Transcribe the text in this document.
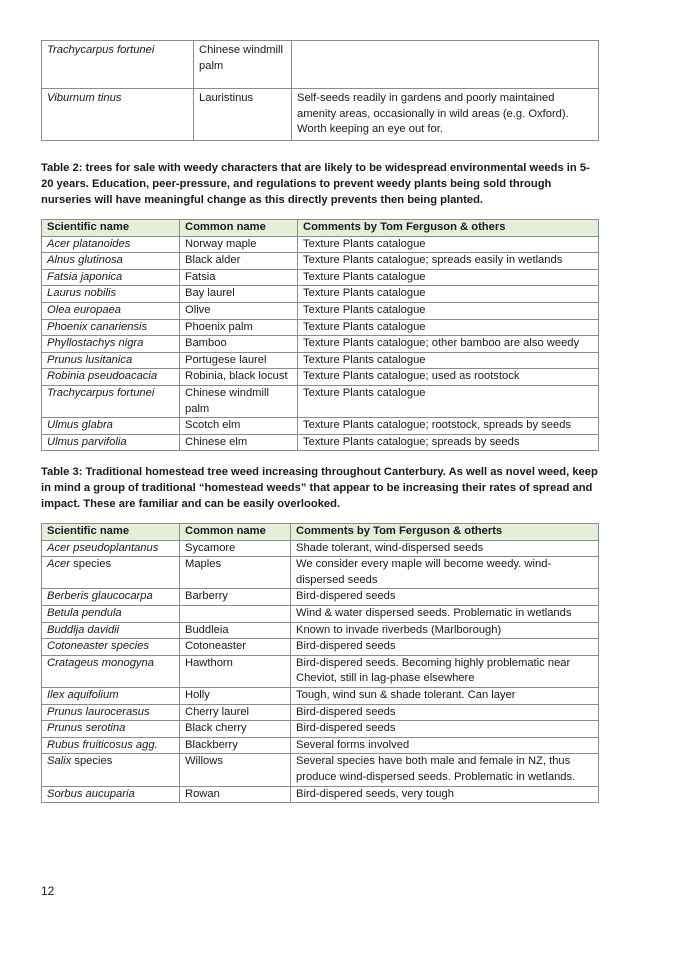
Trachycarpus fortunei	Chinese windmill palm	
Viburnum tinus	Lauristinus	Self-seeds readily in gardens and poorly maintained amenity areas, occasionally in wild areas (e.g. Oxford). Worth keeping an eye out for.
Table 2: trees for sale with weedy characters that are likely to be widespread environmental weeds in 5-20 years. Education, peer-pressure, and regulations to prevent weedy plants being sold through nurseries will have meaningful change as this directly prevents then being planted.
Scientific name	Common name	Comments by Tom Ferguson & others
Acer platanoides	Norway maple	Texture Plants catalogue
Alnus glutinosa	Black alder	Texture Plants catalogue; spreads easily in wetlands
Fatsia japonica	Fatsia	Texture Plants catalogue
Laurus nobilis	Bay laurel	Texture Plants catalogue
Olea europaea	Olive	Texture Plants catalogue
Phoenix canariensis	Phoenix palm	Texture Plants catalogue
Phyllostachys nigra	Bamboo	Texture Plants catalogue; other bamboo are also weedy
Prunus lusitanica	Portugese laurel	Texture Plants catalogue
Robinia pseudoacacia	Robinia, black locust	Texture Plants catalogue; used as rootstock
Trachycarpus fortunei	Chinese windmill palm	Texture Plants catalogue
Ulmus glabra	Scotch elm	Texture Plants catalogue; rootstock, spreads by seeds
Ulmus parvifolia	Chinese elm	Texture Plants catalogue; spreads by seeds
Table 3: Traditional homestead tree weed increasing throughout Canterbury. As well as novel weed, keep in mind a group of traditional “homestead weeds” that appear to be increasing their rates of spread and impact. These are familiar and can be easily overlooked.
Scientific name	Common name	Comments by Tom Ferguson & otherts
Acer pseudoplantanus	Sycamore	Shade tolerant, wind-dispersed seeds
Acer species	Maples	We consider every maple will become weedy. wind-dispersed seeds
Berberis glaucocarpa	Barberry	Bird-dispered seeds
Betula pendula		Wind & water dispersed seeds. Problematic in wetlands
Buddlja davidii	Buddleia	Known to invade riverbeds (Marlborough)
Cotoneaster species	Cotoneaster	Bird-dispered seeds
Cratageus monogyna	Hawthorn	Bird-dispered seeds. Becoming highly problematic near Cheviot, still in lag-phase elsewhere
Ilex aquifolium	Holly	Tough, wind sun & shade tolerant. Can layer
Prunus laurocerasus	Cherry laurel	Bird-dispered seeds
Prunus serotina	Black cherry	Bird-dispered seeds
Rubus fruiticosus agg.	Blackberry	Several forms involved
Salix species	Willows	Several species have both male and female in NZ, thus produce wind-dispersed seeds. Problematic in wetlands.
Sorbus aucuparia	Rowan	Bird-dispered seeds, very tough
12
